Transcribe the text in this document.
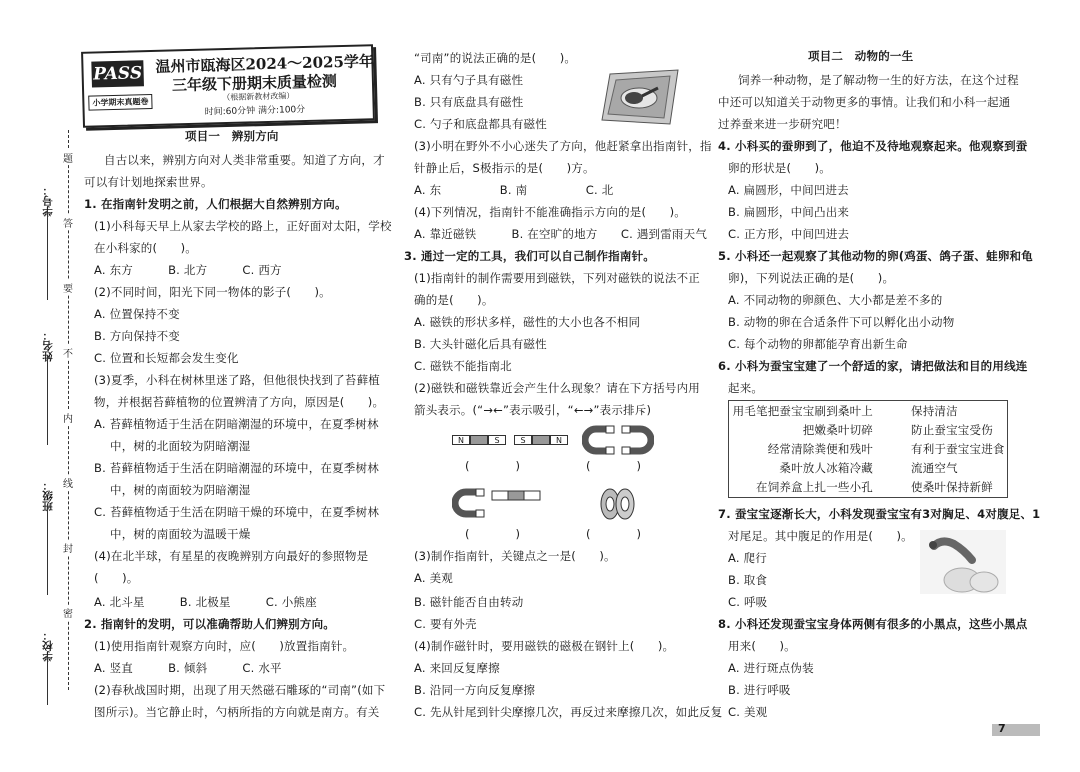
学号：
姓名：
班级：
学校：
题
答
要
不
内
线
封
密
PASS
小学期末真题卷
温州市瓯海区2024～2025学年
三年级下册期末质量检测
（根据新教材改编）
时间:60分钟 满分:100分
项目一　辨别方向
自古以来，辨别方向对人类非常重要。知道了方向，才
可以有计划地探索世界。
1. 在指南针发明之前，人们根据大自然辨别方向。
(1)小科每天早上从家去学校的路上，正好面对太阳，学校
在小科家的(　　)。
A. 东方　　　B. 北方　　　C. 西方
(2)不同时间，阳光下同一物体的影子(　　)。
A. 位置保持不变
B. 方向保持不变
C. 位置和长短都会发生变化
(3)夏季，小科在树林里迷了路，但他很快找到了苔藓植
物，并根据苔藓植物的位置辨清了方向，原因是(　　)。
A. 苔藓植物适于生活在阴暗潮湿的环境中，在夏季树林
中，树的北面较为阴暗潮湿
B. 苔藓植物适于生活在阴暗潮湿的环境中，在夏季树林
中，树的南面较为阴暗潮湿
C. 苔藓植物适于生活在阴暗干燥的环境中，在夏季树林
中，树的南面较为温暖干燥
(4)在北半球，有星星的夜晚辨别方向最好的参照物是
(　　)。
A. 北斗星　　　B. 北极星　　　C. 小熊座
2. 指南针的发明，可以准确帮助人们辨别方向。
(1)使用指南针观察方向时，应(　　)放置指南针。
A. 竖直　　　B. 倾斜　　　C. 水平
(2)春秋战国时期，出现了用天然磁石雕琢的“司南”(如下
图所示)。当它静止时，勺柄所指的方向就是南方。有关
“司南”的说法正确的是(　　)。
A. 只有勺子具有磁性
B. 只有底盘具有磁性
C. 勺子和底盘都具有磁性
(3)小明在野外不小心迷失了方向，他赶紧拿出指南针，指
针静止后，S极指示的是(　　)方。
A. 东　　　　　B. 南　　　　　C. 北
(4)下列情况，指南针不能准确指示方向的是(　　)。
A. 靠近磁铁　　　B. 在空旷的地方　　C. 遇到雷雨天气
3. 通过一定的工具，我们可以自己制作指南针。
(1)指南针的制作需要用到磁铁，下列对磁铁的说法不正
确的是(　　)。
A. 磁铁的形状多样，磁性的大小也各不相同
B. 大头针磁化后具有磁性
C. 磁铁不能指南北
(2)磁铁和磁铁靠近会产生什么现象？请在下方括号内用
箭头表示。(“→←”表示吸引，“←→”表示排斥)
N	S	S	N
(　　　　)	(　　　　)
(　　　　)	(　　　　)
(3)制作指南针，关键点之一是(　　)。
A. 美观
B. 磁针能否自由转动
C. 要有外壳
(4)制作磁针时，要用磁铁的磁极在钢针上(　　)。
A. 来回反复摩擦
B. 沿同一方向反复摩擦
C. 先从针尾到针尖摩擦几次，再反过来摩擦几次，如此反复
项目二　动物的一生
饲养一种动物，是了解动物一生的好方法，在这个过程
中还可以知道关于动物更多的事情。让我们和小科一起通
过养蚕来进一步研究吧！
4. 小科买的蚕卵到了，他迫不及待地观察起来。他观察到蚕
卵的形状是(　　)。
A. 扁圆形，中间凹进去
B. 扁圆形，中间凸出来
C. 正方形，中间凹进去
5. 小科还一起观察了其他动物的卵(鸡蛋、鸽子蛋、蛙卵和龟
卵)，下列说法正确的是(　　)。
A. 不同动物的卵颜色、大小都是差不多的
B. 动物的卵在合适条件下可以孵化出小动物
C. 每个动物的卵都能孕育出新生命
6. 小科为蚕宝宝建了一个舒适的家，请把做法和目的用线连
起来。
用毛笔把蚕宝宝刷到桑叶上
把嫩桑叶切碎
经常清除粪便和残叶
桑叶放人冰箱冷藏
在饲养盒上扎一些小孔
保持清洁
防止蚕宝宝受伤
有利于蚕宝宝进食
流通空气
使桑叶保持新鲜
7. 蚕宝宝逐渐长大，小科发现蚕宝宝有3对胸足、4对腹足、1
对尾足。其中腹足的作用是(　　)。
A. 爬行
B. 取食
C. 呼吸
8. 小科还发现蚕宝宝身体两侧有很多的小黑点，这些小黑点
用来(　　)。
A. 进行斑点伪装
B. 进行呼吸
C. 美观
7
